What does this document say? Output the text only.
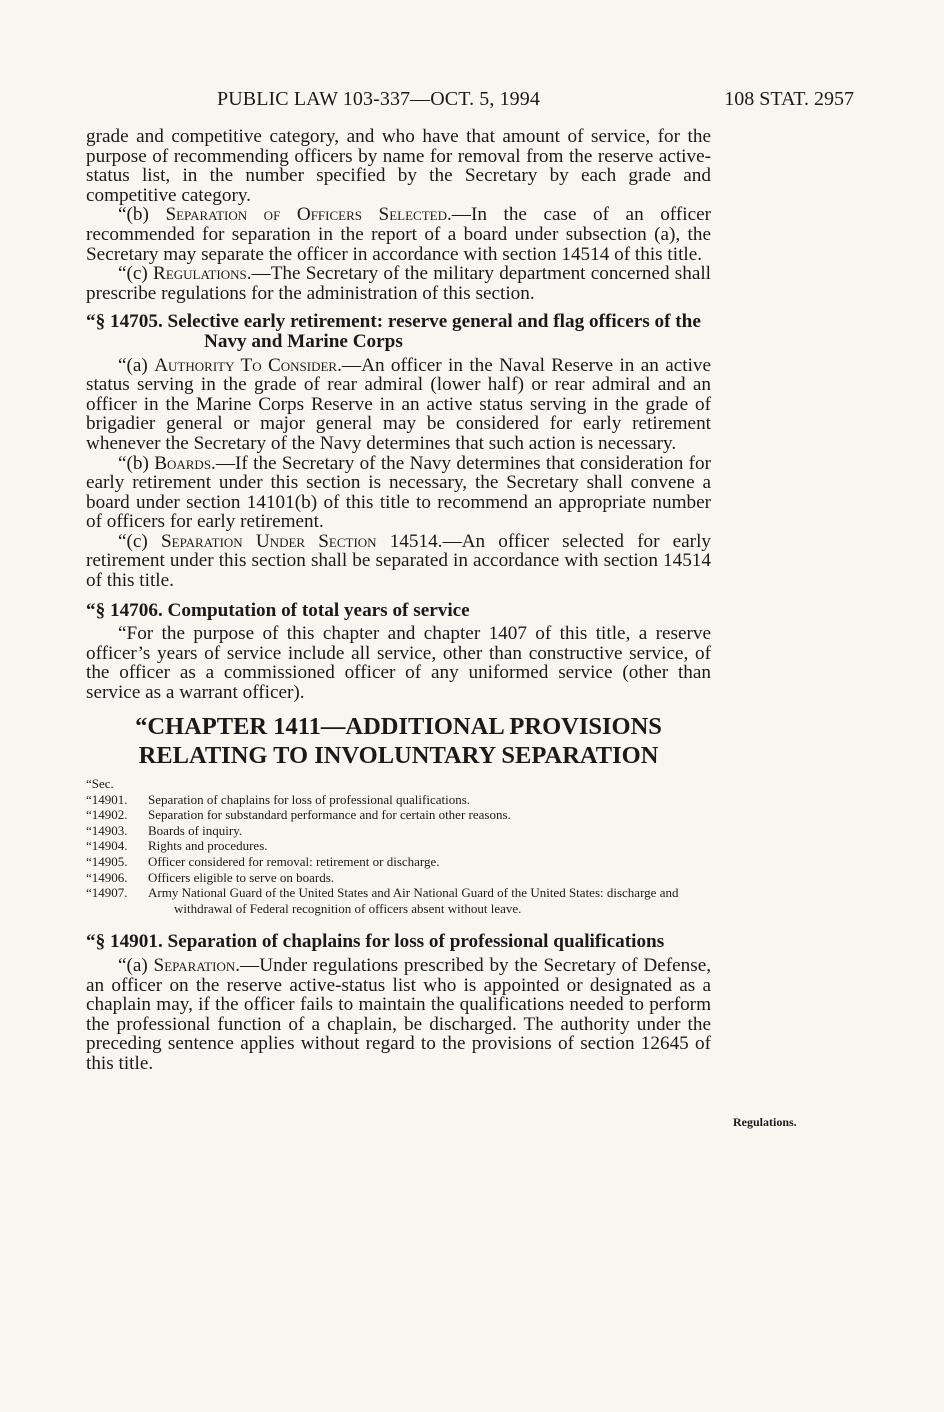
PUBLIC LAW 103-337—OCT. 5, 1994	108 STAT. 2957

grade and competitive category, and who have that amount of service, for the purpose of recommending officers by name for removal from the reserve active-status list, in the number specified by the Secretary by each grade and competitive category.

“(b) Separation of Officers Selected.—In the case of an officer recommended for separation in the report of a board under subsection (a), the Secretary may separate the officer in accordance with section 14514 of this title.

“(c) Regulations.—The Secretary of the military department concerned shall prescribe regulations for the administration of this section.

“§ 14705. Selective early retirement: reserve general and flag officers of the Navy and Marine Corps

“(a) Authority To Consider.—An officer in the Naval Reserve in an active status serving in the grade of rear admiral (lower half) or rear admiral and an officer in the Marine Corps Reserve in an active status serving in the grade of brigadier general or major general may be considered for early retirement whenever the Secretary of the Navy determines that such action is necessary.

“(b) Boards.—If the Secretary of the Navy determines that consideration for early retirement under this section is necessary, the Secretary shall convene a board under section 14101(b) of this title to recommend an appropriate number of officers for early retirement.

“(c) Separation Under Section 14514.—An officer selected for early retirement under this section shall be separated in accordance with section 14514 of this title.

“§ 14706. Computation of total years of service

“For the purpose of this chapter and chapter 1407 of this title, a reserve officer’s years of service include all service, other than constructive service, of the officer as a commissioned officer of any uniformed service (other than service as a warrant officer).

“CHAPTER 1411—ADDITIONAL PROVISIONS

RELATING TO INVOLUNTARY SEPARATION

“Sec.
“14901.	Separation of chaplains for loss of professional qualifications.
“14902.	Separation for substandard performance and for certain other reasons.
“14903.	Boards of inquiry.
“14904.	Rights and procedures.
“14905.	Officer considered for removal: retirement or discharge.
“14906.	Officers eligible to serve on boards.
“14907.	Army National Guard of the United States and Air National Guard of the United States: discharge and withdrawal of Federal recognition of officers absent without leave.
“§ 14901. Separation of chaplains for loss of professional qualifications

“(a) Separation.—Under regulations prescribed by the Secretary of Defense, an officer on the reserve active-status list who is appointed or designated as a chaplain may, if the officer fails to maintain the qualifications needed to perform the professional function of a chaplain, be discharged. The authority under the preceding sentence applies without regard to the provisions of section 12645 of this title.

Regulations.
